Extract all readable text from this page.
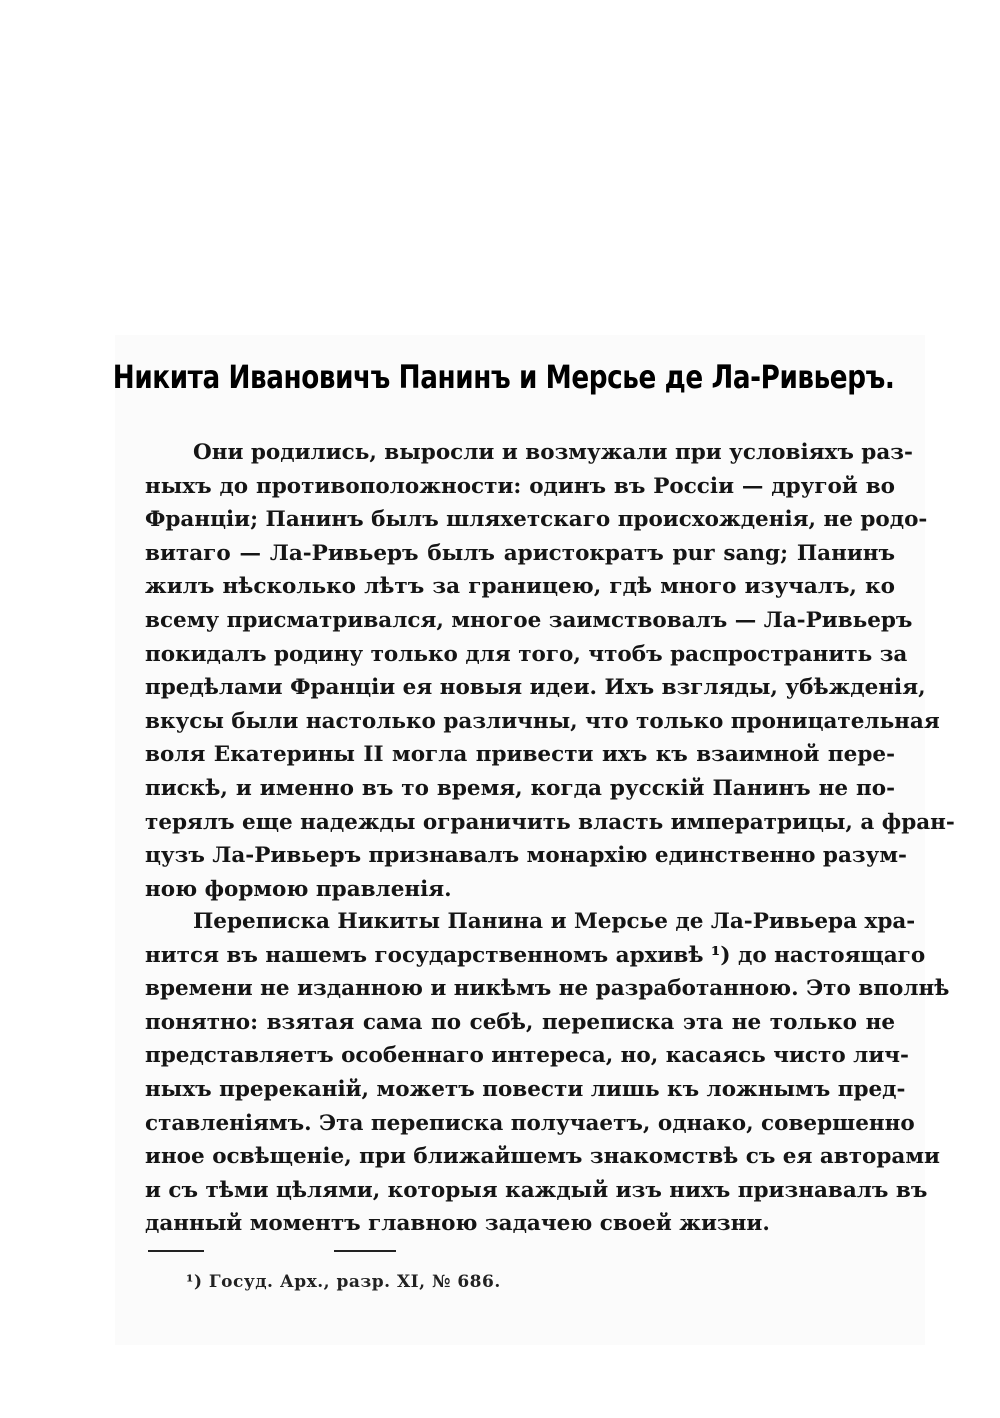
Никита Ивановичъ Панинъ и Мерсье де Ла-Ривьеръ.
Они родились, выросли и возмужали при условіяхъ раз-
ныхъ до противоположности: одинъ въ Россіи — другой во
Франціи; Панинъ былъ шляхетскаго происхожденія, не родо-
витаго — Ла-Ривьеръ былъ аристократъ pur sang; Панинъ
жилъ нѣсколько лѣтъ за границею, гдѣ много изучалъ, ко
всему присматривался, многое заимствовалъ — Ла-Ривьеръ
покидалъ родину только для того, чтобъ распространить за
предѣлами Франціи ея новыя идеи. Ихъ взгляды, убѣжденія,
вкусы были настолько различны, что только проницательная
воля Екатерины II могла привести ихъ къ взаимной пере-
пискѣ, и именно въ то время, когда русскій Панинъ не по-
терялъ еще надежды ограничить власть императрицы, а фран-
цузъ Ла-Ривьеръ признавалъ монархію единственно разум-
ною формою правленія.
Переписка Никиты Панина и Мерсье де Ла-Ривьера хра-
нится въ нашемъ государственномъ архивѣ ¹) до настоящаго
времени не изданною и никѣмъ не разработанною. Это вполнѣ
понятно: взятая сама по себѣ, переписка эта не только не
представляетъ особеннаго интереса, но, касаясь чисто лич-
ныхъ пререканій, можетъ повести лишь къ ложнымъ пред-
ставленіямъ. Эта переписка получаетъ, однако, совершенно
иное освѣщеніе, при ближайшемъ знакомствѣ съ ея авторами
и съ тѣми цѣлями, которыя каждый изъ нихъ признавалъ въ
данный моментъ главною задачею своей жизни.
¹) Госуд. Арх., разр. XI, № 686.
